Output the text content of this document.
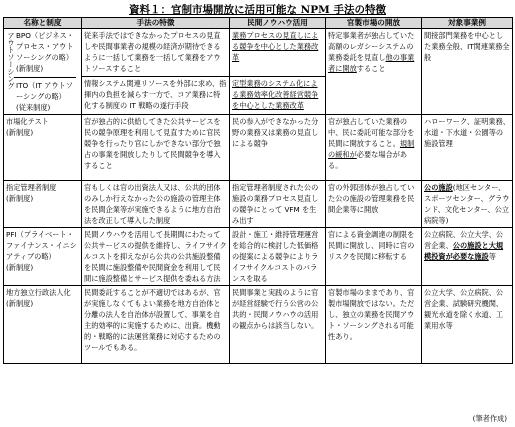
資料１：官制市場開放に活用可能な NPM 手法の特徴
名称と制度	手法の特徴	民間ノウハウ活用	官製市場の開放	対象事業例
アウトソーシングBPO（ビジネス・プロセス・アウトソーシングの略）
(新制度)
ITO（IT アウトソーシングの略）
(従来制度)	従来手法ではできなかったプロセスの見直しや民間事業者の規模の経済が期待できるように一括して業務を一括して業務をアウトソースすること	業務プロセスの見直しによる競争を中心とした業務改革	特定事業者が独占していた高額のレガシーシステムの業務委託を見直し他の事業者に開放すること	間接部門業務を中心とした業務全般、IT関連業務全般
	情報システム関連リソースを外部に求め、指揮内の負担を減らす一方で、コア業務に特化する制度の IT 戦略の遂行手段	定型業務のシステム化による業務効率化改善経営競争を中心とした業務改革		
市場化テスト
(新制度)	官が独占的に供給してきた公共サービスを民の競争原理を利用して見直すために官民競争を行ったり官にしかできない部分で独占の事業を開放したりして民間競争を導入すること	民の参入ができなかった分野の業務又は業務の見直しによる競争	官が独占していた業務の中、民に委託可能な部分を民間に開放すること。規制の緩和が必要な場合がある。	ハローワーク、証明業務、水道・下水道・公園等の施設管理
指定管理者制度
(新制度)	官もしくは官の出資法人又は、公共的団体のみしか行えなかった公の施設の管理主体を民間企業等が実施できるように地方自治法を改正して導入した制度	指定管理者制度された公の施設の業務プロセス見直しの競争にとって VFM を生み出す	官の外郭団体が独占していた公の施設の管理業務を民間企業等に開放	公の施設(地区センター、スポーツセンター、グラウンド、文化センター、公立病院等)
PFI（プライベート・ファイナンス・イニシアティブの略）
(新制度)	民間ノウハウを活用して長期間にわたって公共サービスの提供を維持し、ライフサイクルコストを抑えながら公共の公共施設整備を民間に施設整備や民間資金を利用して民間に施設整備とサービス提供を委ねる方法	設計・施工・維持管理運営を総合的に検討した低価格の提案による競争によりライフサイクルコストのバランスを取る	官による資金調達の制限を民間に開放し、同時に官のリスクを民間に移転する	公立病院、公立大学、公営企業、公の施設と大規模投資が必要な施設等
地方独立行政法人化
(新制度)	民間委託することが不適切ではあるが、官が実施しなくてもよい業務を地方自治体と分離の法人を自治体が設置して、事業を自主的効率的に実施するために、出資。機動的・戦略的に法運営業務に対応するためのツールでもある。	民間事業と実践のように官が経営経験で行う公営の公共的・民間ノウハウの活用の観点からは該当しない。	官製市場のままであり、官製市場開放ではない。ただし、独立の業務を民間アウト・ソーシングされる可能性あり。	公立大学、公立病院、公営企業、試験研究機関、観光水道を除く水道、工業用水等
(筆者作成)
